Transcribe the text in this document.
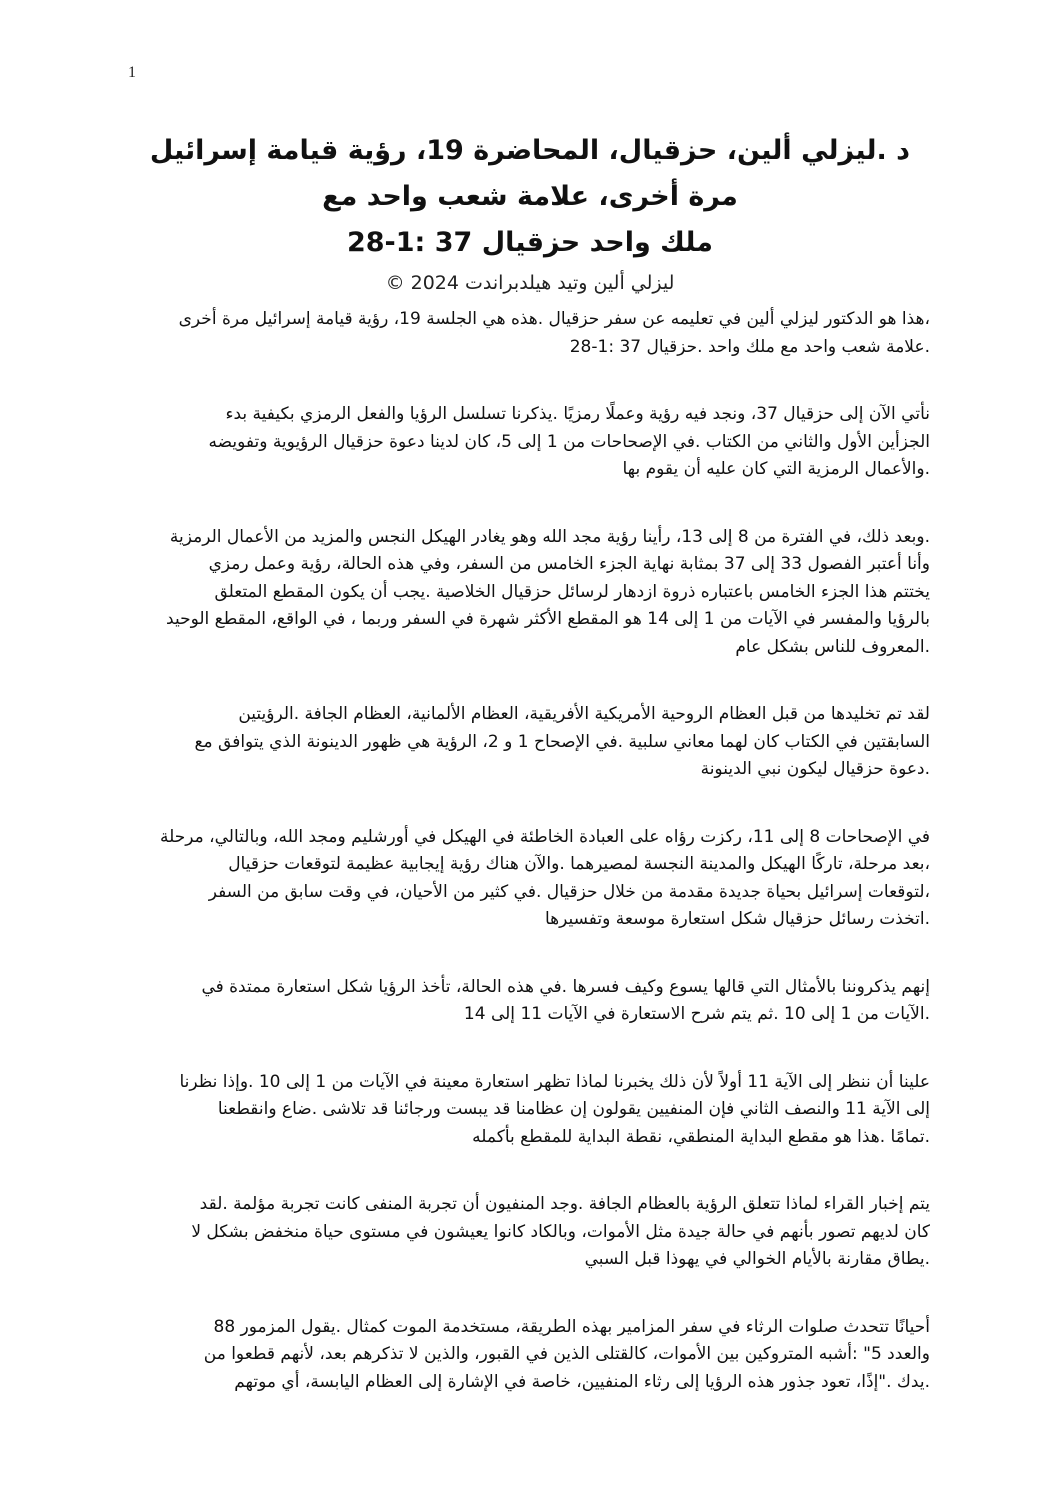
1
د .ليزلي ألين، حزقيال، المحاضرة 19، رؤية قيامة إسرائيل
مرة أخرى، علامة شعب واحد مع
ملك واحد حزقيال 37 :1-28
ليزلي ألين وتيد هيلدبراندت 2024 ©
،هذا هو الدكتور ليزلي ألين في تعليمه عن سفر حزقيال .هذه هي الجلسة 19، رؤية قيامة إسرائيل مرة أخرى
.علامة شعب واحد مع ملك واحد .حزقيال 37 :1-28
نأتي الآن إلى حزقيال 37، ونجد فيه رؤية وعملًا رمزيًا .يذكرنا تسلسل الرؤيا والفعل الرمزي بكيفية بدء
الجزأين الأول والثاني من الكتاب .في الإصحاحات من 1 إلى 5، كان لدينا دعوة حزقيال الرؤيوية وتفويضه
.والأعمال الرمزية التي كان عليه أن يقوم بها
.وبعد ذلك، في الفترة من 8 إلى 13، رأينا رؤية مجد الله وهو يغادر الهيكل النجس والمزيد من الأعمال الرمزية
وأنا أعتبر الفصول 33 إلى 37 بمثابة نهاية الجزء الخامس من السفر، وفي هذه الحالة، رؤية وعمل رمزي
يختتم هذا الجزء الخامس باعتباره ذروة ازدهار لرسائل حزقيال الخلاصية .يجب أن يكون المقطع المتعلق
بالرؤيا والمفسر في الآيات من 1 إلى 14 هو المقطع الأكثر شهرة في السفر وربما ، في الواقع، المقطع الوحيد
.المعروف للناس بشكل عام
لقد تم تخليدها من قبل العظام الروحية الأمريكية الأفريقية، العظام الألمانية، العظام الجافة .الرؤيتين
السابقتين في الكتاب كان لهما معاني سلبية .في الإصحاح 1 و 2، الرؤية هي ظهور الدينونة الذي يتوافق مع
.دعوة حزقيال ليكون نبي الدينونة
في الإصحاحات 8 إلى 11، ركزت رؤاه على العبادة الخاطئة في الهيكل في أورشليم ومجد الله، وبالتالي، مرحلة
،بعد مرحلة، تاركًا الهيكل والمدينة النجسة لمصيرهما .والآن هناك رؤية إيجابية عظيمة لتوقعات حزقيال
،لتوقعات إسرائيل بحياة جديدة مقدمة من خلال حزقيال .في كثير من الأحيان، في وقت سابق من السفر
.اتخذت رسائل حزقيال شكل استعارة موسعة وتفسيرها
إنهم يذكروننا بالأمثال التي قالها يسوع وكيف فسرها .في هذه الحالة، تأخذ الرؤيا شكل استعارة ممتدة في
.الآيات من 1 إلى 10 .ثم يتم شرح الاستعارة في الآيات 11 إلى 14
علينا أن ننظر إلى الآية 11 أولاً لأن ذلك يخبرنا لماذا تظهر استعارة معينة في الآيات من 1 إلى 10 .وإذا نظرنا
إلى الآية 11 والنصف الثاني فإن المنفيين يقولون إن عظامنا قد يبست ورجائنا قد تلاشى .ضاع وانقطعنا
.تمامًا .هذا هو مقطع البداية المنطقي، نقطة البداية للمقطع بأكمله
يتم إخبار القراء لماذا تتعلق الرؤية بالعظام الجافة .وجد المنفيون أن تجربة المنفى كانت تجربة مؤلمة .لقد
كان لديهم تصور بأنهم في حالة جيدة مثل الأموات، وبالكاد كانوا يعيشون في مستوى حياة منخفض بشكل لا
.يطاق مقارنة بالأيام الخوالي في يهوذا قبل السبي
أحيانًا تتحدث صلوات الرثاء في سفر المزامير بهذه الطريقة، مستخدمة الموت كمثال .يقول المزمور 88
والعدد 5" :أشبه المتروكين بين الأموات، كالقتلى الذين في القبور، والذين لا تذكرهم بعد، لأنهم قطعوا من
.يدك ."إذًا، تعود جذور هذه الرؤيا إلى رثاء المنفيين، خاصة في الإشارة إلى العظام اليابسة، أي موتهم
